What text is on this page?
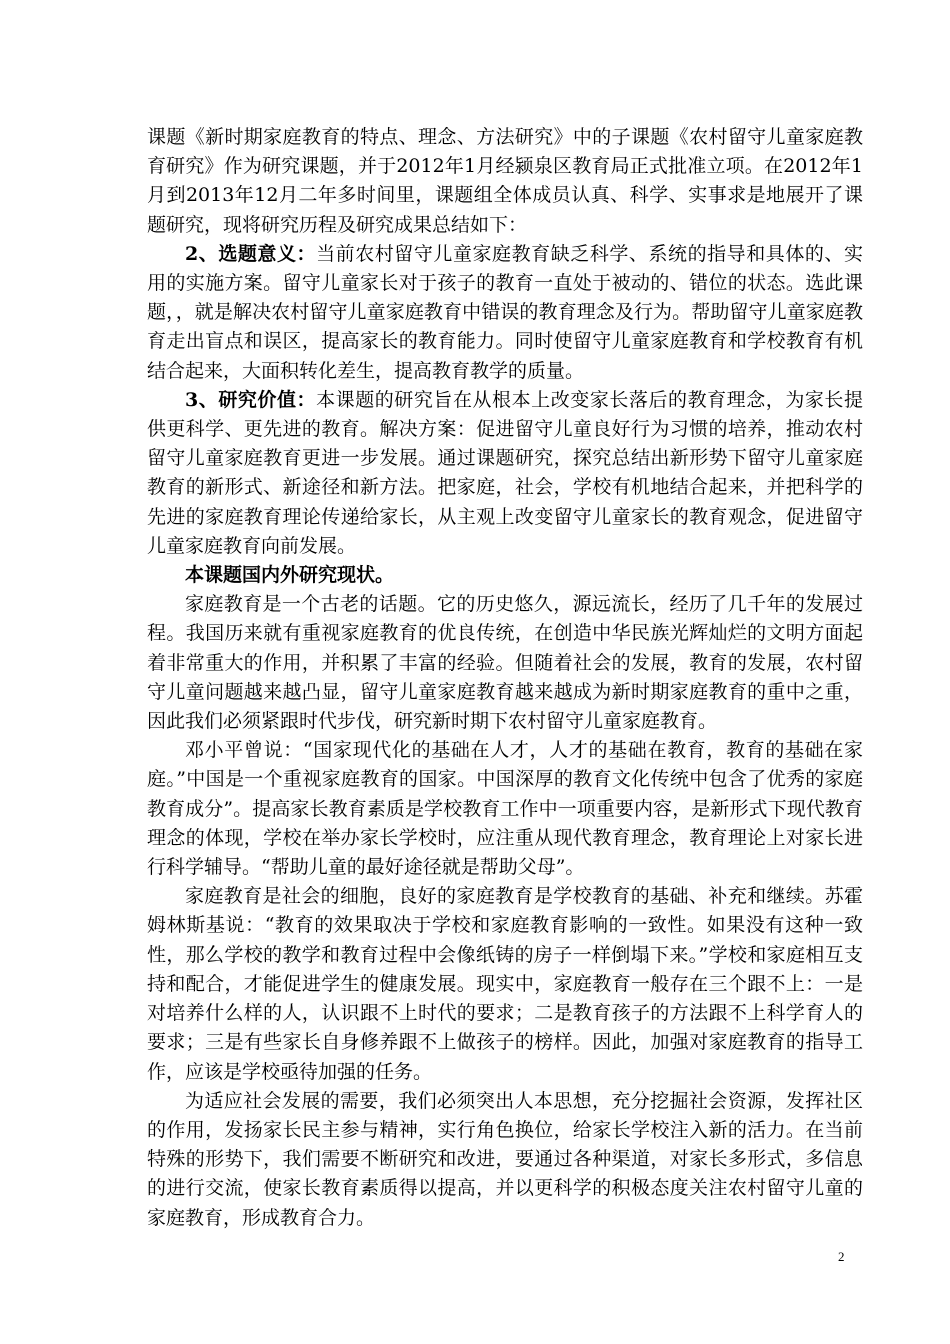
课题《新时期家庭教育的特点、理念、方法研究》中的子课题《农村留守儿童家庭教育研究》作为研究课题，并于2012年1月经颍泉区教育局正式批准立项。在2012年1月到2013年12月二年多时间里，课题组全体成员认真、科学、实事求是地展开了课题研究，现将研究历程及研究成果总结如下：

2、选题意义：当前农村留守儿童家庭教育缺乏科学、系统的指导和具体的、实用的实施方案。留守儿童家长对于孩子的教育一直处于被动的、错位的状态。选此课题，，就是解决农村留守儿童家庭教育中错误的教育理念及行为。帮助留守儿童家庭教育走出盲点和误区，提高家长的教育能力。同时使留守儿童家庭教育和学校教育有机结合起来，大面积转化差生，提高教育教学的质量。

3、研究价值：本课题的研究旨在从根本上改变家长落后的教育理念，为家长提供更科学、更先进的教育。解决方案：促进留守儿童良好行为习惯的培养，推动农村留守儿童家庭教育更进一步发展。通过课题研究，探究总结出新形势下留守儿童家庭教育的新形式、新途径和新方法。把家庭，社会，学校有机地结合起来，并把科学的先进的家庭教育理论传递给家长，从主观上改变留守儿童家长的教育观念，促进留守儿童家庭教育向前发展。

本课题国内外研究现状。

家庭教育是一个古老的话题。它的历史悠久，源远流长，经历了几千年的发展过程。我国历来就有重视家庭教育的优良传统，在创造中华民族光辉灿烂的文明方面起着非常重大的作用，并积累了丰富的经验。但随着社会的发展，教育的发展，农村留守儿童问题越来越凸显，留守儿童家庭教育越来越成为新时期家庭教育的重中之重，因此我们必须紧跟时代步伐，研究新时期下农村留守儿童家庭教育。

邓小平曾说：“国家现代化的基础在人才，人才的基础在教育，教育的基础在家庭。”中国是一个重视家庭教育的国家。中国深厚的教育文化传统中包含了优秀的家庭教育成分”。提高家长教育素质是学校教育工作中一项重要内容，是新形式下现代教育理念的体现，学校在举办家长学校时，应注重从现代教育理念，教育理论上对家长进行科学辅导。“帮助儿童的最好途径就是帮助父母”。

家庭教育是社会的细胞，良好的家庭教育是学校教育的基础、补充和继续。苏霍姆林斯基说：“教育的效果取决于学校和家庭教育影响的一致性。如果没有这种一致性，那么学校的教学和教育过程中会像纸铸的房子一样倒塌下来。”学校和家庭相互支持和配合，才能促进学生的健康发展。现实中，家庭教育一般存在三个跟不上：一是对培养什么样的人，认识跟不上时代的要求；二是教育孩子的方法跟不上科学育人的要求；三是有些家长自身修养跟不上做孩子的榜样。因此，加强对家庭教育的指导工作，应该是学校亟待加强的任务。

为适应社会发展的需要，我们必须突出人本思想，充分挖掘社会资源，发挥社区的作用，发扬家长民主参与精神，实行角色换位，给家长学校注入新的活力。在当前特殊的形势下，我们需要不断研究和改进，要通过各种渠道，对家长多形式，多信息的进行交流，使家长教育素质得以提高，并以更科学的积极态度关注农村留守儿童的家庭教育，形成教育合力。

2
